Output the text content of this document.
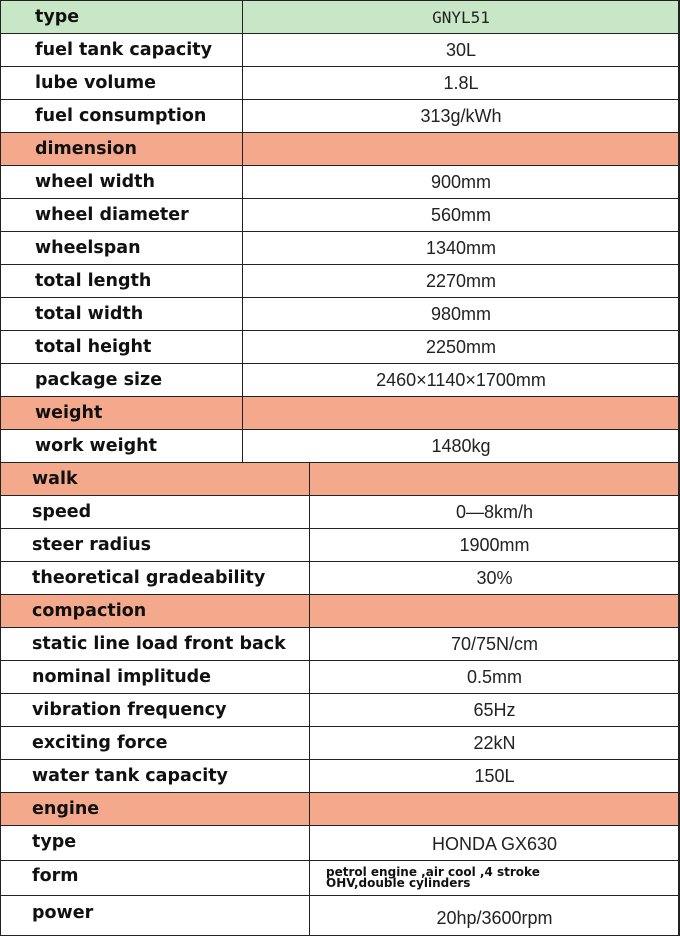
type	GNYL51
fuel tank capacity	30L
lube volume	1.8L
fuel consumption	313g/kWh
dimension
wheel width	900mm
wheel diameter	560mm
wheelspan	1340mm
total length	2270mm
total width	980mm
total height	2250mm
package size	2460×1140×1700mm
weight
work weight	1480kg
walk
speed	0—8km/h
steer radius	1900mm
theoretical gradeability	30%
compaction
static line load front back	70/75N/cm
nominal implitude	0.5mm
vibration frequency	65Hz
exciting force	22kN
water tank capacity	150L
engine
type	HONDA GX630
form	petrol engine ,air cool ,4 stroke
OHV,double cylinders
power	20hp/3600rpm
